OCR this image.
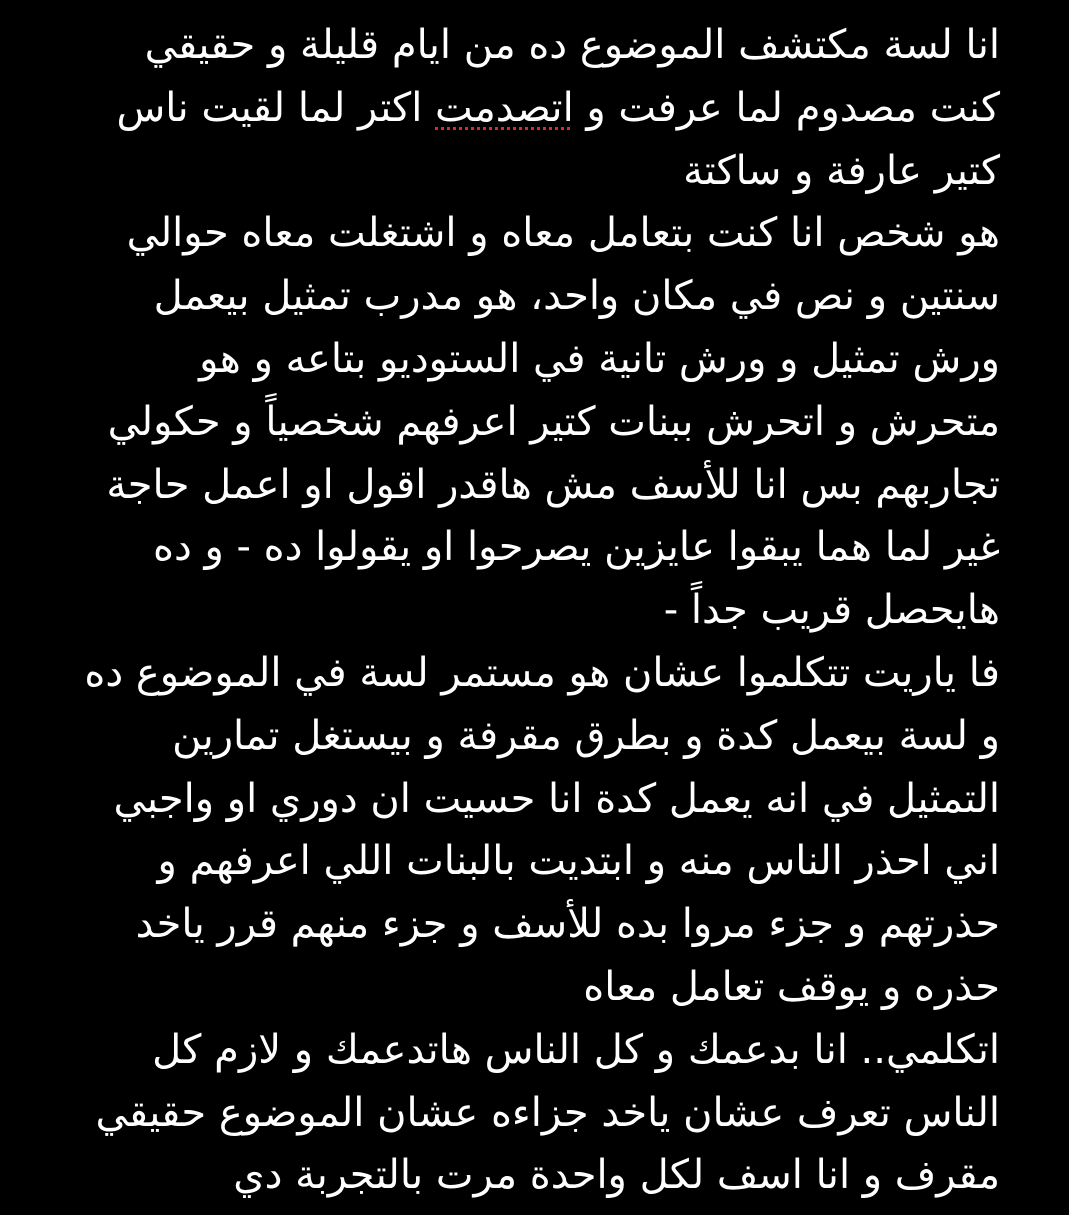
انا لسة مكتشف الموضوع ده من ايام قليلة و حقيقي
كنت مصدوم لما عرفت و اتصدمت اكتر لما لقيت ناس
كتير عارفة و ساكتة
هو شخص انا كنت بتعامل معاه و اشتغلت معاه حوالي
سنتين و نص في مكان واحد، هو مدرب تمثيل بيعمل
ورش تمثيل و ورش تانية في الستوديو بتاعه و هو
متحرش و اتحرش ببنات كتير اعرفهم شخصياً و حكولي
تجاربهم بس انا للأسف مش هاقدر اقول او اعمل حاجة
غير لما هما يبقوا عايزين يصرحوا او يقولوا ده - و ده
هايحصل قريب جداً -
فا ياريت تتكلموا عشان هو مستمر لسة في الموضوع ده
و لسة بيعمل كدة و بطرق مقرفة و بيستغل تمارين
التمثيل في انه يعمل كدة انا حسيت ان دوري او واجبي
اني احذر الناس منه و ابتديت بالبنات اللي اعرفهم و
حذرتهم و جزء مروا بده للأسف و جزء منهم قرر ياخد
حذره و يوقف تعامل معاه
اتكلمي.. انا بدعمك و كل الناس هاتدعمك و لازم كل
الناس تعرف عشان ياخد جزاءه عشان الموضوع حقيقي
مقرف و انا اسف لكل واحدة مرت بالتجربة دي
